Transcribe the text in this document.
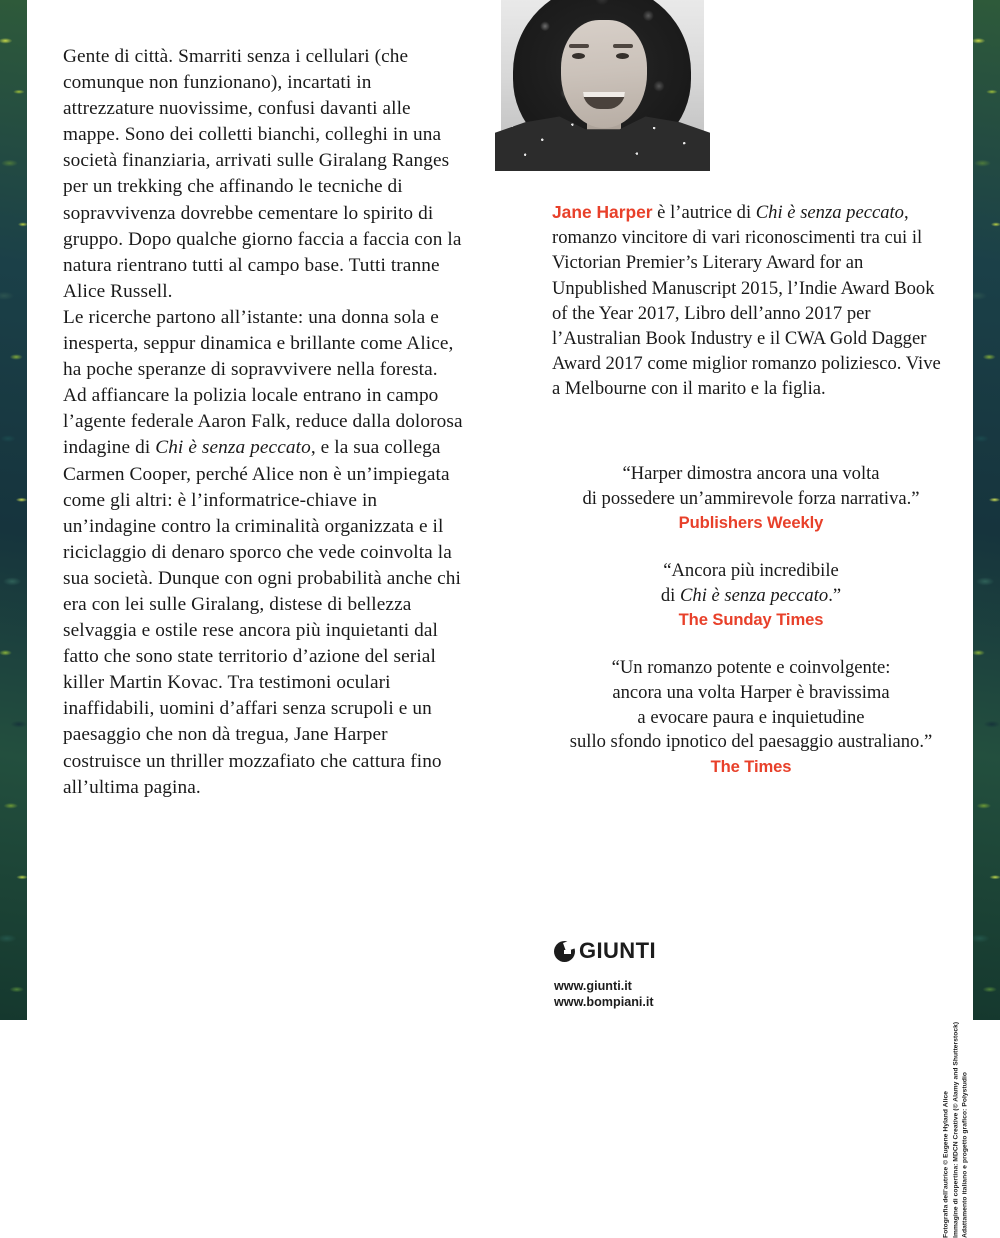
Gente di città. Smarriti senza i cellulari (che comunque non funzionano), incartati in attrezzature nuovissime, confusi davanti alle mappe. Sono dei colletti bianchi, colleghi in una società finanziaria, arrivati sulle Giralang Ranges per un trekking che affinando le tecniche di sopravvivenza dovrebbe cementare lo spirito di gruppo. Dopo qualche giorno faccia a faccia con la natura rientrano tutti al campo base. Tutti tranne Alice Russell.

Le ricerche partono all’istante: una donna sola e inesperta, seppur dinamica e brillante come Alice, ha poche speranze di sopravvivere nella foresta. Ad affiancare la polizia locale entrano in campo l’agente federale Aaron Falk, reduce dalla dolorosa indagine di Chi è senza peccato, e la sua collega Carmen Cooper, perché Alice non è un’impiegata come gli altri: è l’informatrice-chiave in un’indagine contro la criminalità organizzata e il riciclaggio di denaro sporco che vede coinvolta la sua società. Dunque con ogni probabilità anche chi era con lei sulle Giralang, distese di bellezza selvaggia e ostile rese ancora più inquietanti dal fatto che sono state territorio d’azione del serial killer Martin Kovac. Tra testimoni oculari inaffidabili, uomini d’affari senza scrupoli e un paesaggio che non dà tregua, Jane Harper costruisce un thriller mozzafiato che cattura fino all’ultima pagina.

Jane Harper è l’autrice di Chi è senza peccato, romanzo vincitore di vari riconoscimenti tra cui il Victorian Premier’s Literary Award for an Unpublished Manuscript 2015, l’Indie Award Book of the Year 2017, Libro dell’anno 2017 per l’Australian Book Industry e il CWA Gold Dagger Award 2017 come miglior romanzo poliziesco. Vive a Melbourne con il marito e la figlia.

“Harper dimostra ancora una volta
di possedere un’ammirevole forza narrativa.”
Publishers Weekly
“Ancora più incredibile
di Chi è senza peccato.”
The Sunday Times
“Un romanzo potente e coinvolgente:
ancora una volta Harper è bravissima
a evocare paura e inquietudine
sullo sfondo ipnotico del paesaggio australiano.”
The Times
GIUNTI
www.giunti.it
www.bompiani.it
Fotografia dell’autrice © Eugene Hyland Alice Immagine di copertina: MDCN Creative (© Alamy and Shutterstock) Adattamento italiano e progetto grafico: Polystudio
